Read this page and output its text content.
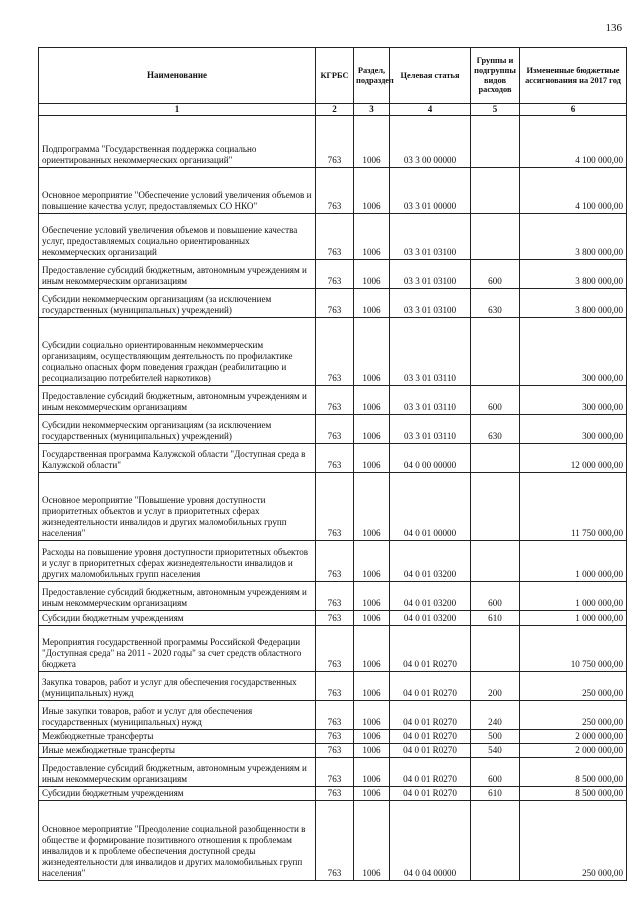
136
Наименование	КГРБС	Раздел, подраздел	Целевая статья	Группы и подгруппы видов расходов	Измененные бюджетные ассигнования на 2017 год
1	2	3	4	5	6
Подпрограмма "Государственная поддержка социально ориентированных некоммерческих организаций"	763	1006	03 3 00 00000		4 100 000,00
Основное мероприятие "Обеспечение условий увеличения объемов и повышение качества услуг, предоставляемых СО НКО"	763	1006	03 3 01 00000		4 100 000,00
Обеспечение условий увеличения объемов и повышение качества услуг, предоставляемых социально ориентированных некоммерческих организаций	763	1006	03 3 01 03100		3 800 000,00
Предоставление субсидий бюджетным, автономным учреждениям и иным некоммерческим организациям	763	1006	03 3 01 03100	600	3 800 000,00
Субсидии некоммерческим организациям (за исключением государственных (муниципальных) учреждений)	763	1006	03 3 01 03100	630	3 800 000,00
Субсидии социально ориентированным некоммерческим организациям, осуществляющим деятельность по профилактике социально опасных форм поведения граждан (реабилитацию и ресоциализацию потребителей наркотиков)	763	1006	03 3 01 03110		300 000,00
Предоставление субсидий бюджетным, автономным учреждениям и иным некоммерческим организациям	763	1006	03 3 01 03110	600	300 000,00
Субсидии некоммерческим организациям (за исключением государственных (муниципальных) учреждений)	763	1006	03 3 01 03110	630	300 000,00
Государственная программа Калужской области "Доступная среда в Калужской области"	763	1006	04 0 00 00000		12 000 000,00
Основное мероприятие "Повышение уровня доступности приоритетных объектов и услуг в приоритетных сферах жизнедеятельности инвалидов и других маломобильных групп населения"	763	1006	04 0 01 00000		11 750 000,00
Расходы на повышение уровня доступности приоритетных объектов и услуг в приоритетных сферах жизнедеятельности инвалидов и других маломобильных групп населения	763	1006	04 0 01 03200		1 000 000,00
Предоставление субсидий бюджетным, автономным учреждениям и иным некоммерческим организациям	763	1006	04 0 01 03200	600	1 000 000,00
Субсидии бюджетным учреждениям	763	1006	04 0 01 03200	610	1 000 000,00
Мероприятия государственной программы Российской Федерации "Доступная среда" на 2011 - 2020 годы" за счет средств областного бюджета	763	1006	04 0 01 R0270		10 750 000,00
Закупка товаров, работ и услуг для обеспечения государственных (муниципальных) нужд	763	1006	04 0 01 R0270	200	250 000,00
Иные закупки товаров, работ и услуг для обеспечения государственных (муниципальных) нужд	763	1006	04 0 01 R0270	240	250 000,00
Межбюджетные трансферты	763	1006	04 0 01 R0270	500	2 000 000,00
Иные межбюджетные трансферты	763	1006	04 0 01 R0270	540	2 000 000,00
Предоставление субсидий бюджетным, автономным учреждениям и иным некоммерческим организациям	763	1006	04 0 01 R0270	600	8 500 000,00
Субсидии бюджетным учреждениям	763	1006	04 0 01 R0270	610	8 500 000,00
Основное мероприятие "Преодоление социальной разобщенности в обществе и формирование позитивного отношения к проблемам инвалидов и к проблеме обеспечения доступной среды жизнедеятельности для инвалидов и других маломобильных групп населения"	763	1006	04 0 04 00000		250 000,00
